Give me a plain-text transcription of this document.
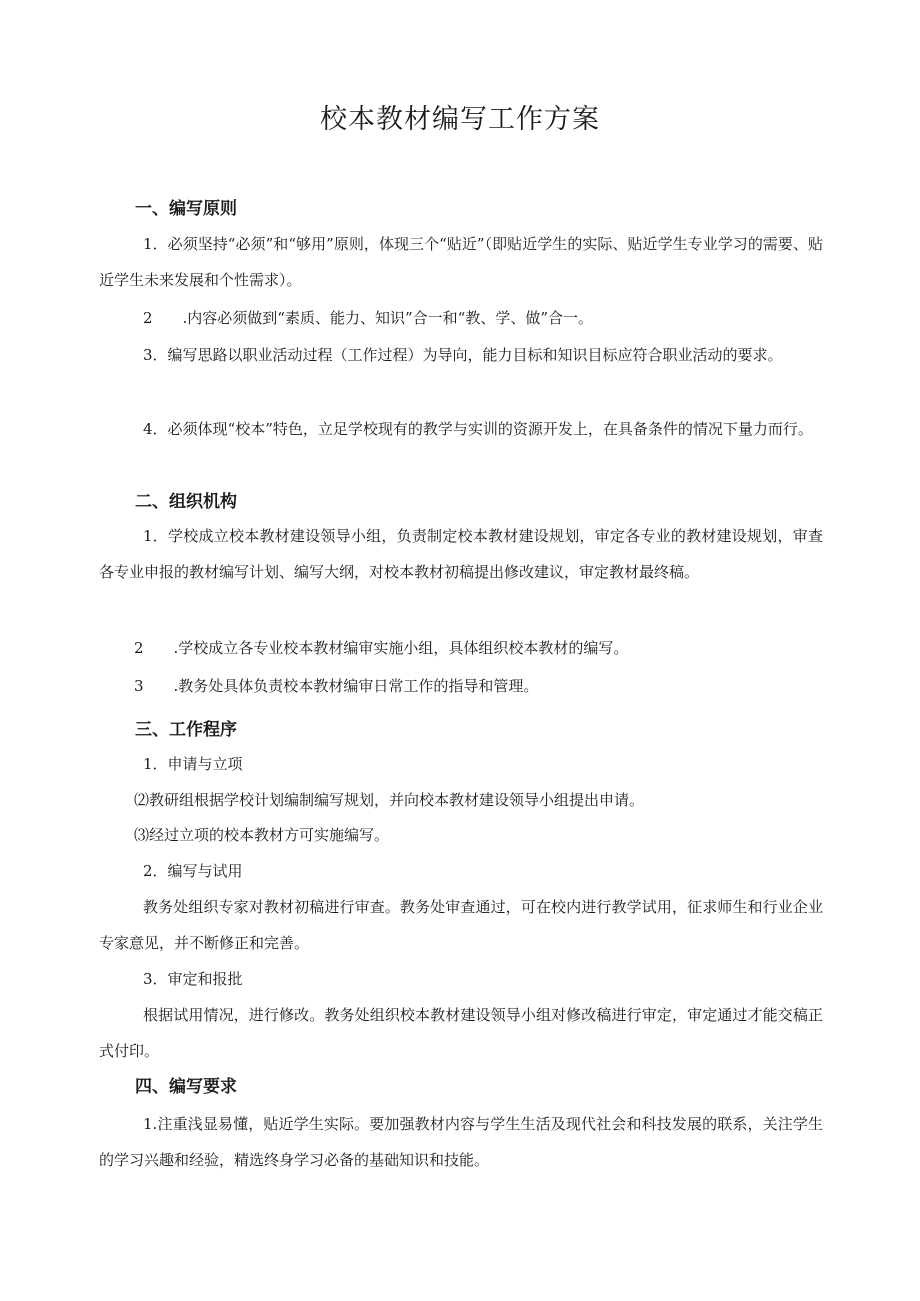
校本教材编写工作方案
一、编写原则
1．必须坚持“必须”和“够用”原则，体现三个“贴近”（即贴近学生的实际、贴近学生专业学习的需要、贴近学生未来发展和个性需求）。
2　　.内容必须做到“素质、能力、知识”合一和“教、学、做”合一。
3．编写思路以职业活动过程（工作过程）为导向，能力目标和知识目标应符合职业活动的要求。
4．必须体现“校本”特色，立足学校现有的教学与实训的资源开发上，在具备条件的情况下量力而行。
二、组织机构
1．学校成立校本教材建设领导小组，负责制定校本教材建设规划，审定各专业的教材建设规划，审查各专业申报的教材编写计划、编写大纲，对校本教材初稿提出修改建议，审定教材最终稿。
2　　.学校成立各专业校本教材编审实施小组，具体组织校本教材的编写。
3　　.教务处具体负责校本教材编审日常工作的指导和管理。
三、工作程序
1．申请与立项
⑵教研组根据学校计划编制编写规划，并向校本教材建设领导小组提出申请。
⑶经过立项的校本教材方可实施编写。
2．编写与试用
教务处组织专家对教材初稿进行审查。教务处审查通过，可在校内进行教学试用，征求师生和行业企业专家意见，并不断修正和完善。
3．审定和报批
根据试用情况，进行修改。教务处组织校本教材建设领导小组对修改稿进行审定，审定通过才能交稿正式付印。
四、编写要求
1.注重浅显易懂，贴近学生实际。要加强教材内容与学生生活及现代社会和科技发展的联系，关注学生的学习兴趣和经验，精选终身学习必备的基础知识和技能。
